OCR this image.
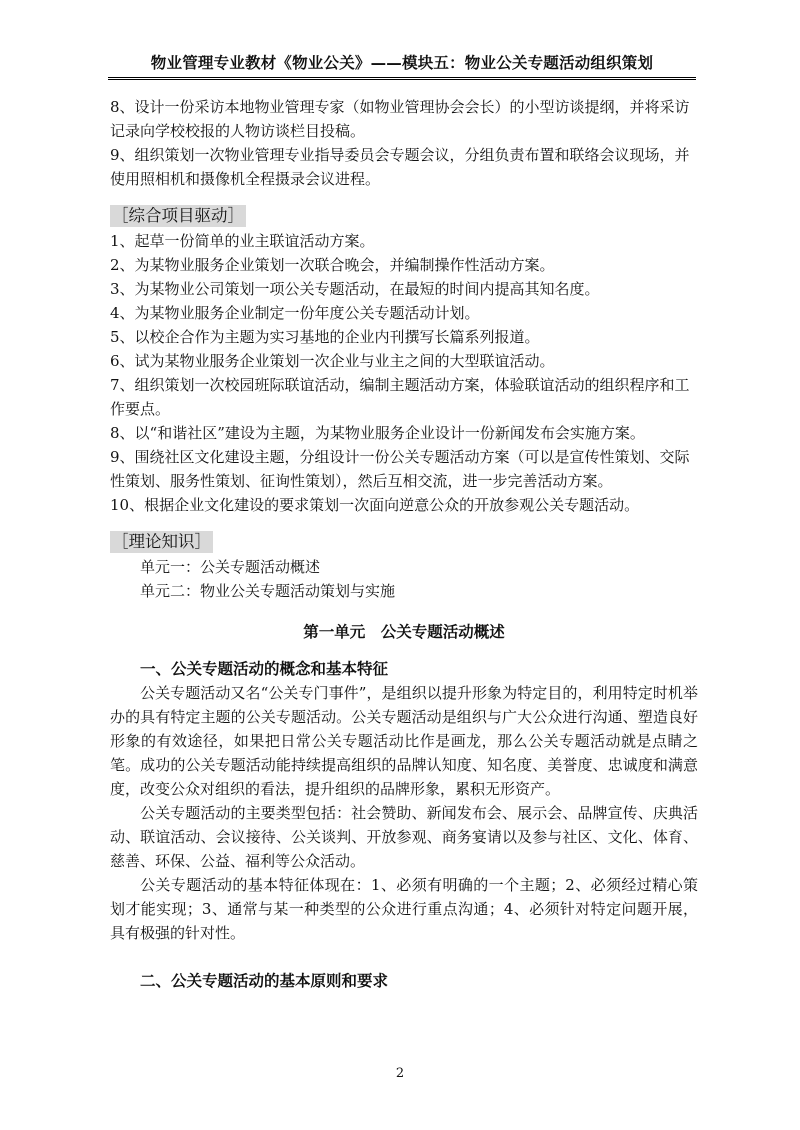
物业管理专业教材《物业公关》——模块五：物业公关专题活动组织策划

8、设计一份采访本地物业管理专家（如物业管理协会会长）的小型访谈提纲，并将采访记录向学校校报的人物访谈栏目投稿。

9、组织策划一次物业管理专业指导委员会专题会议，分组负责布置和联络会议现场，并使用照相机和摄像机全程摄录会议进程。

［综合项目驱动］

1、起草一份简单的业主联谊活动方案。

2、为某物业服务企业策划一次联合晚会，并编制操作性活动方案。

3、为某物业公司策划一项公关专题活动，在最短的时间内提高其知名度。

4、为某物业服务企业制定一份年度公关专题活动计划。

5、以校企合作为主题为实习基地的企业内刊撰写长篇系列报道。

6、试为某物业服务企业策划一次企业与业主之间的大型联谊活动。

7、组织策划一次校园班际联谊活动，编制主题活动方案，体验联谊活动的组织程序和工作要点。

8、以“和谐社区”建设为主题，为某物业服务企业设计一份新闻发布会实施方案。

9、围绕社区文化建设主题，分组设计一份公关专题活动方案（可以是宣传性策划、交际性策划、服务性策划、征询性策划），然后互相交流，进一步完善活动方案。

10、根据企业文化建设的要求策划一次面向逆意公众的开放参观公关专题活动。

［理论知识］

单元一：公关专题活动概述

单元二：物业公关专题活动策划与实施

第一单元　公关专题活动概述

一、公关专题活动的概念和基本特征

公关专题活动又名“公关专门事件”，是组织以提升形象为特定目的，利用特定时机举办的具有特定主题的公关专题活动。公关专题活动是组织与广大公众进行沟通、塑造良好形象的有效途径，如果把日常公关专题活动比作是画龙，那么公关专题活动就是点睛之笔。成功的公关专题活动能持续提高组织的品牌认知度、知名度、美誉度、忠诚度和满意度，改变公众对组织的看法，提升组织的品牌形象，累积无形资产。

公关专题活动的主要类型包括：社会赞助、新闻发布会、展示会、品牌宣传、庆典活动、联谊活动、会议接待、公关谈判、开放参观、商务宴请以及参与社区、文化、体育、慈善、环保、公益、福利等公众活动。

公关专题活动的基本特征体现在：1、必须有明确的一个主题；2、必须经过精心策划才能实现；3、通常与某一种类型的公众进行重点沟通；4、必须针对特定问题开展，具有极强的针对性。

二、公关专题活动的基本原则和要求

2
